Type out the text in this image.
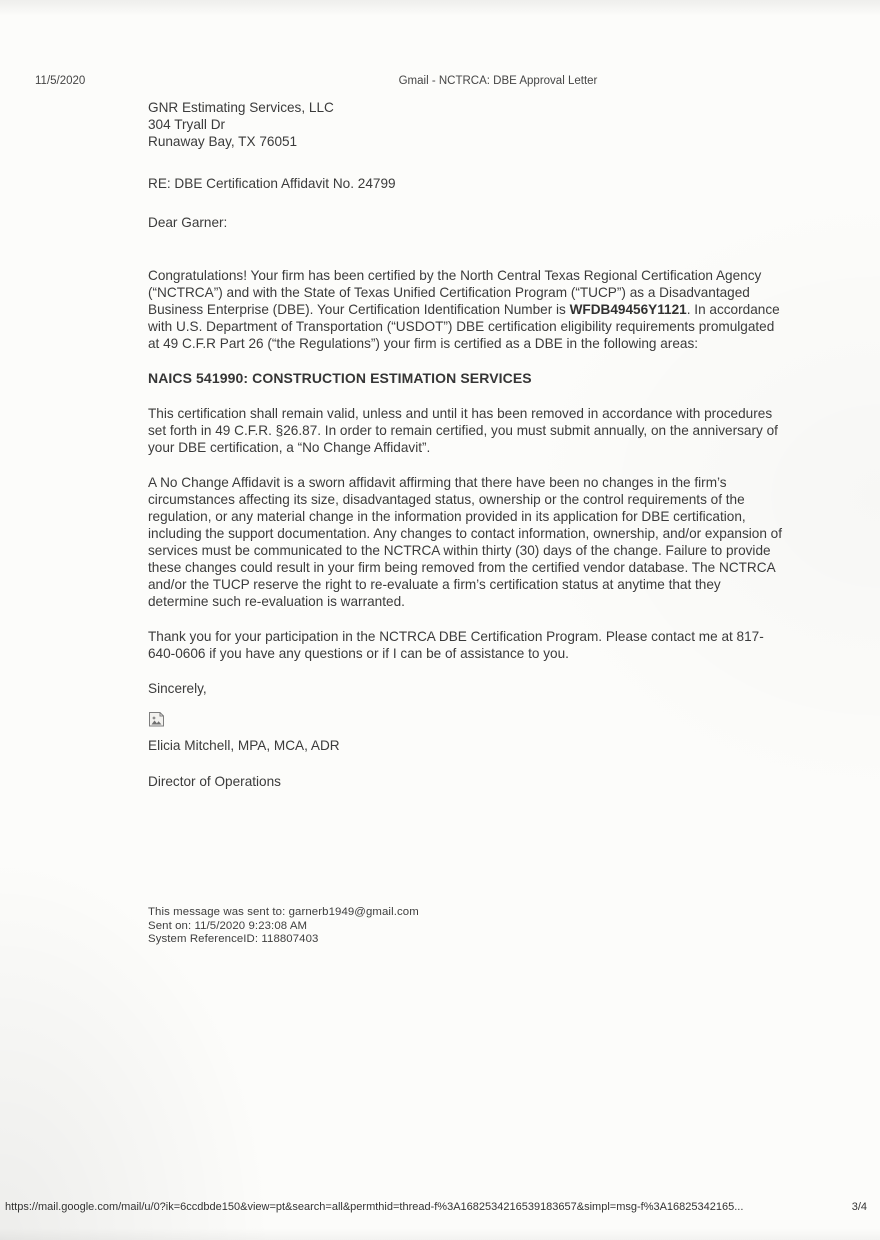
11/5/2020	Gmail - NCTRCA: DBE Approval Letter
GNR Estimating Services, LLC
304 Tryall Dr
Runaway Bay, TX 76051
RE: DBE Certification Affidavit No. 24799
Dear Garner:

Congratulations! Your firm has been certified by the North Central Texas Regional Certification Agency (“NCTRCA”) and with the State of Texas Unified Certification Program (“TUCP”) as a Disadvantaged Business Enterprise (DBE). Your Certification Identification Number is WFDB49456Y1121. In accordance with U.S. Department of Transportation (“USDOT”) DBE certification eligibility requirements promulgated at 49 C.F.R Part 26 (“the Regulations”) your firm is certified as a DBE in the following areas:

NAICS 541990: CONSTRUCTION ESTIMATION SERVICES

This certification shall remain valid, unless and until it has been removed in accordance with procedures set forth in 49 C.F.R. §26.87. In order to remain certified, you must submit annually, on the anniversary of your DBE certification, a “No Change Affidavit”.

A No Change Affidavit is a sworn affidavit affirming that there have been no changes in the firm’s circumstances affecting its size, disadvantaged status, ownership or the control requirements of the regulation, or any material change in the information provided in its application for DBE certification, including the support documentation. Any changes to contact information, ownership, and/or expansion of services must be communicated to the NCTRCA within thirty (30) days of the change. Failure to provide these changes could result in your firm being removed from the certified vendor database. The NCTRCA and/or the TUCP reserve the right to re-evaluate a firm’s certification status at anytime that they determine such re-evaluation is warranted.

Thank you for your participation in the NCTRCA DBE Certification Program. Please contact me at 817-640-0606 if you have any questions or if I can be of assistance to you.

Sincerely,

Elicia Mitchell, MPA, MCA, ADR

Director of Operations

This message was sent to: garnerb1949@gmail.com
Sent on: 11/5/2020 9:23:08 AM
System ReferenceID: 118807403
https://mail.google.com/mail/u/0?ik=6ccdbde150&view=pt&search=all&permthid=thread-f%3A1682534216539183657&simpl=msg-f%3A16825342165...	3/4
